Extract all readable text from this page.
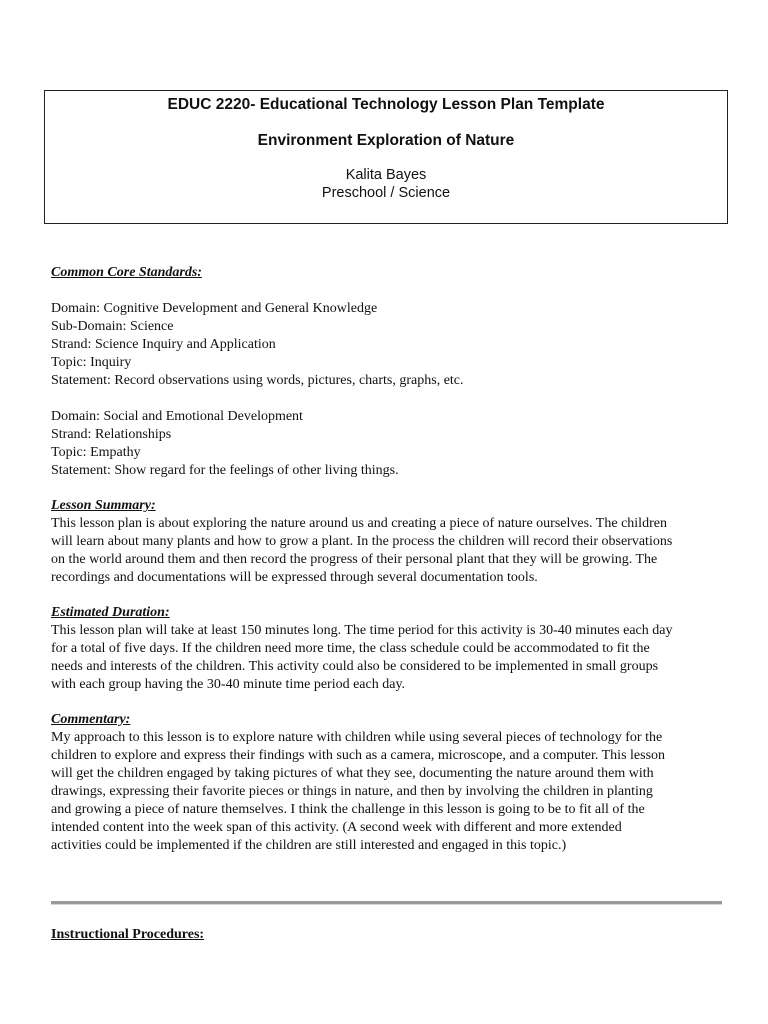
EDUC 2220- Educational Technology Lesson Plan Template
Environment Exploration of Nature
Kalita Bayes
Preschool / Science
Common Core Standards:
Domain: Cognitive Development and General Knowledge
Sub-Domain: Science
Strand: Science Inquiry and Application
Topic: Inquiry
Statement: Record observations using words, pictures, charts, graphs, etc.
Domain: Social and Emotional Development
Strand: Relationships
Topic: Empathy
Statement: Show regard for the feelings of other living things.
Lesson Summary:
This lesson plan is about exploring the nature around us and creating a piece of nature ourselves. The children
will learn about many plants and how to grow a plant. In the process the children will record their observations
on the world around them and then record the progress of their personal plant that they will be growing. The
recordings and documentations will be expressed through several documentation tools.
Estimated Duration:
This lesson plan will take at least 150 minutes long. The time period for this activity is 30-40 minutes each day
for a total of five days. If the children need more time, the class schedule could be accommodated to fit the
needs and interests of the children. This activity could also be considered to be implemented in small groups
with each group having the 30-40 minute time period each day.
Commentary:
My approach to this lesson is to explore nature with children while using several pieces of technology for the
children to explore and express their findings with such as a camera, microscope, and a computer. This lesson
will get the children engaged by taking pictures of what they see, documenting the nature around them with
drawings, expressing their favorite pieces or things in nature, and then by involving the children in planting
and growing a piece of nature themselves. I think the challenge in this lesson is going to be to fit all of the
intended content into the week span of this activity. (A second week with different and more extended
activities could be implemented if the children are still interested and engaged in this topic.)
Instructional Procedures:
